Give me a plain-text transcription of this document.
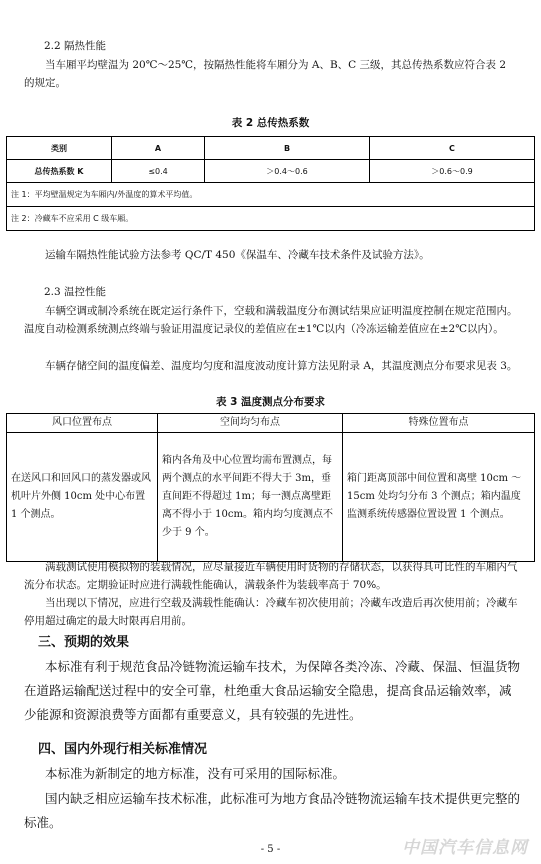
2.2 隔热性能

当车厢平均壁温为 20℃～25℃，按隔热性能将车厢分为 A、B、C 三级，其总传热系数应符合表 2 的规定。

表 2 总传热系数

类别	A	B	C
总传热系数 K	≤0.4	＞0.4～0.6	＞0.6～0.9
注 1：平均壁温规定为车厢内/外温度的算术平均值。			
注 2：冷藏车不应采用 C 级车厢。			

运输车隔热性能试验方法参考 QC/T 450《保温车、冷藏车技术条件及试验方法》。

2.3 温控性能

车辆空调或制冷系统在既定运行条件下，空载和满载温度分布测试结果应证明温度控制在规定范围内。温度自动检测系统测点终端与验证用温度记录仪的差值应在±1℃以内（冷冻运输差值应在±2℃以内）。

车辆存储空间的温度偏差、温度均匀度和温度波动度计算方法见附录 A，其温度测点分布要求见表 3。

表 3 温度测点分布要求

风口位置布点	空间均匀布点	特殊位置布点
在送风口和回风口的蒸发器或风机叶片外侧 10cm 处中心布置 1 个测点。	箱内各角及中心位置均需布置测点，每两个测点的水平间距不得大于 3m，垂直间距不得超过 1m；每一测点离壁距离不得小于 10cm。箱内均匀度测点不少于 9 个。	箱门距离顶部中间位置和离壁 10cm ～15cm 处均匀分布 3 个测点；箱内温度监测系统传感器位置设置 1 个测点。

满载测试使用模拟物的装载情况，应尽量接近车辆使用时货物的存储状态，以获得具可比性的车厢内气流分布状态。定期验证时应进行满载性能确认，满载条件为装载率高于 70%。

当出现以下情况，应进行空载及满载性能确认：冷藏车初次使用前；冷藏车改造后再次使用前；冷藏车停用超过确定的最大时限再启用前。

三、预期的效果

本标准有利于规范食品冷链物流运输车技术，为保障各类冷冻、冷藏、保温、恒温货物在道路运输配送过程中的安全可靠，杜绝重大食品运输安全隐患，提高食品运输效率，减少能源和资源浪费等方面都有重要意义，具有较强的先进性。

四、国内外现行相关标准情况

本标准为新制定的地方标准，没有可采用的国际标准。

国内缺乏相应运输车技术标准，此标准可为地方食品冷链物流运输车技术提供更完整的标准。

- 5 -	中国汽车信息网
